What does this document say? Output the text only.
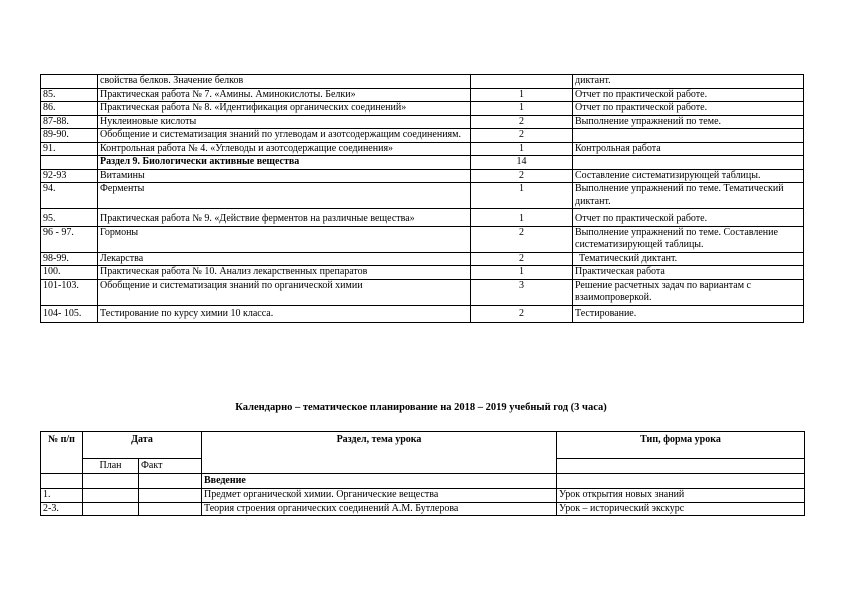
	свойства белков. Значение белков		диктант.
85.	Практическая работа № 7. «Амины. Аминокислоты. Белки»	1	Отчет по практической работе.
86.	Практическая работа № 8. «Идентификация органических соединений»	1	Отчет по практической работе.
87-88.	Нуклеиновые кислоты	2	Выполнение упражнений по теме.
89-90.	Обобщение и систематизация знаний по углеводам и азотсодержащим соединениям.	2	
91.	Контрольная работа № 4. «Углеводы и азотсодержащие соединения»	1	Контрольная работа
	Раздел 9. Биологически активные вещества	14	
92-93	Витамины	2	Составление систематизирующей таблицы.
94.	Ферменты	1	Выполнение упражнений по теме. Тематический диктант.
95.	Практическая работа № 9. «Действие ферментов на различные вещества»	1	Отчет по практической работе.
96 - 97.	Гормоны	2	Выполнение упражнений по теме. Составление систематизирующей таблицы.
98-99.	Лекарства	2	Тематический диктант.
100.	Практическая работа № 10. Анализ лекарственных препаратов	1	Практическая работа
101-103.	Обобщение и систематизация знаний по органической химии	3	Решение расчетных задач по вариантам с взаимопроверкой.
104- 105.	Тестирование по курсу химии 10 класса.	2	Тестирование.
Календарно – тематическое планирование на 2018 – 2019 учебный год (3 часа)
№ п/п	Дата		Раздел, тема урока	Тип, форма урока
	План	Факт		
			Введение	
1.			Предмет органической химии. Органические вещества	Урок открытия новых знаний
2-3.			Теория строения органических соединений А.М. Бутлерова	Урок – исторический экскурс
